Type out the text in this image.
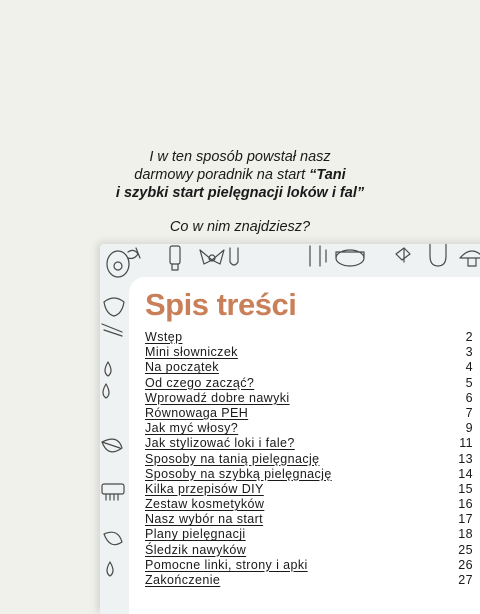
I w ten sposób powstał nasz
darmowy poradnik na start “Tani
i szybki start pielęgnacji loków i fal”
Co w nim znajdziesz?
Spis treści
Wstęp	2
Mini słowniczek	3
Na początek	4
Od czego zacząć?	5
Wprowadź dobre nawyki	6
Równowaga PEH	7
Jak myć włosy?	9
Jak stylizować loki i fale?	11
Sposoby na tanią pielęgnację	13
Sposoby na szybką pielęgnację	14
Kilka przepisów DIY	15
Zestaw kosmetyków	16
Nasz wybór na start	17
Plany pielęgnacji	18
Śledzik nawyków	25
Pomocne linki, strony i apki	26
Zakończenie	27
